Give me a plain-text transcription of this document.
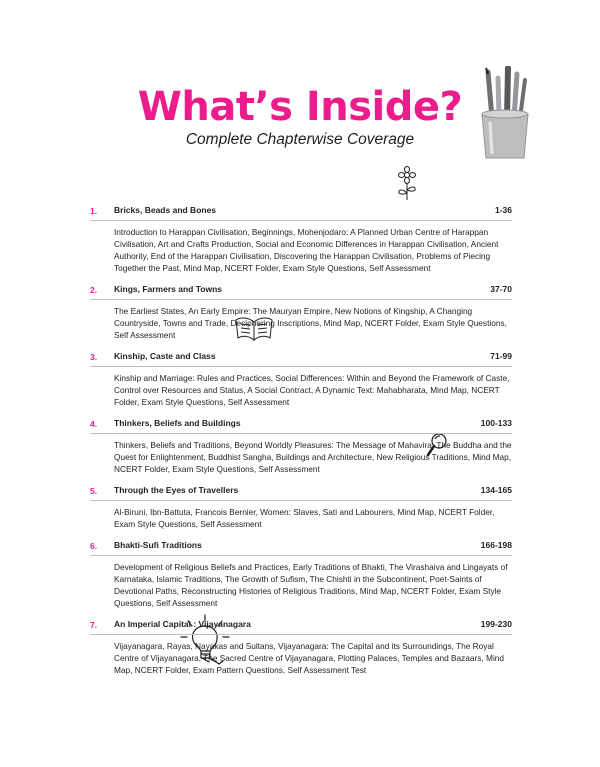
What’s Inside?

Complete Chapterwise Coverage

1. Bricks, Beads and Bones	1-36

Introduction to Harappan Civilisation, Beginnings, Mohenjodaro: A Planned Urban Centre of Harappan Civilisation, Art and Crafts Production, Social and Economic Differences in Harappan Civilisation, Ancient Authority, End of the Harappan Civilisation, Discovering the Harappan Civilisation, Problems of Piecing Together the Past, Mind Map, NCERT Folder, Exam Style Questions, Self Assessment

2. Kings, Farmers and Towns	37-70

The Earliest States, An Early Empire: The Mauryan Empire, New Notions of Kingship, A Changing Countryside, Towns and Trade, Deciphering Inscriptions, Mind Map, NCERT Folder, Exam Style Questions, Self Assessment

3. Kinship, Caste and Class	71-99

Kinship and Marriage: Rules and Practices, Social Differences: Within and Beyond the Framework of Caste, Control over Resources and Status, A Social Contract, A Dynamic Text: Mahabharata, Mind Map, NCERT Folder, Exam Style Questions, Self Assessment

4. Thinkers, Beliefs and Buildings	100-133

Thinkers, Beliefs and Traditions, Beyond Worldly Pleasures: The Message of Mahavira, The Buddha and the Quest for Enlightenment, Buddhist Sangha, Buildings and Architecture, New Religious Traditions, Mind Map, NCERT Folder, Exam Style Questions, Self Assessment

5. Through the Eyes of Travellers	134-165

Al-Biruni, Ibn-Battuta, Francois Bernier, Women: Slaves, Sati and Labourers, Mind Map, NCERT Folder, Exam Style Questions, Self Assessment

6. Bhakti-Sufi Traditions	166-198

Development of Religious Beliefs and Practices, Early Traditions of Bhakti, The Virashaiva and Lingayats of Karnataka, Islamic Traditions, The Growth of Sufism, The Chishti in the Subcontinent, Poet-Saints of Devotional Paths, Reconstructing Histories of Religious Traditions, Mind Map, NCERT Folder, Exam Style Questions, Self Assessment

7. An Imperial Capital : Vijayanagara	199-230

Vijayanagara, Rayas, Nayakas and Sultans, Vijayanagara: The Capital and its Surroundings, The Royal Centre of Vijayanagara, The Sacred Centre of Vijayanagara, Plotting Palaces, Temples and Bazaars, Mind Map, NCERT Folder, Exam Pattern Questions, Self Assessment Test
